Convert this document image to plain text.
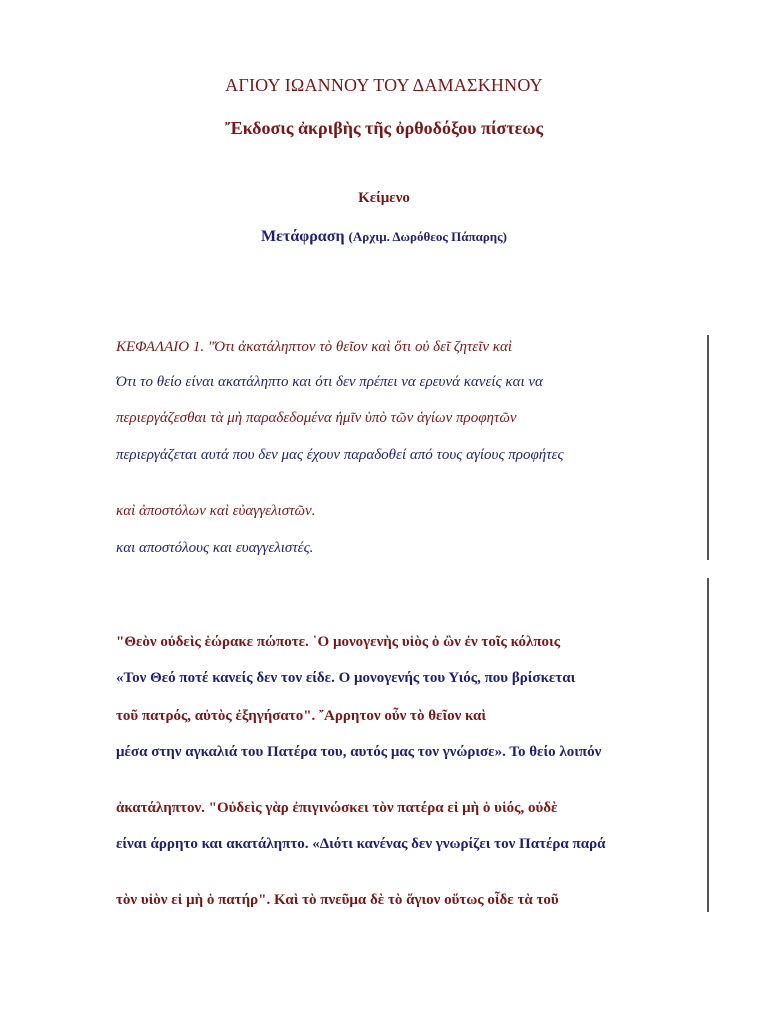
ΑΓΙΟΥ ΙΩΑΝΝΟΥ ΤΟΥ ΔΑΜΑΣΚΗΝΟΥ
Ἔκδοσις ἀκριβὴς τῆς ὀρθοδόξου πίστεως
Κείμενο
Μετάφραση (Αρχιμ. Δωρόθεος Πάπαρης)
ΚΕΦΑΛΑΙΟ 1. "Ότι ἀκατάληπτον τὸ θεῖον καὶ ὅτι οὐ δεῖ ζητεῖν καὶ
Ότι το θείο είναι ακατάληπτο και ότι δεν πρέπει να ερευνά κανείς και να
περιεργάζεσθαι τὰ μὴ παραδεδομένα ἡμῖν ὑπὸ τῶν ἁγίων προφητῶν
περιεργάζεται αυτά που δεν μας έχουν παραδοθεί από τους αγίους προφήτες
καὶ ἀποστόλων καὶ εὐαγγελιστῶν.
και αποστόλους και ευαγγελιστές.
"Θεὸν οὐδεὶς ἑώρακε πώποτε. ῾Ο μονογενὴς υἱὸς ὁ ὢν ἐν τοῖς κόλποις
«Τον Θεό ποτέ κανείς δεν τον είδε. Ο μονογενής του Υιός, που βρίσκεται
τοῦ πατρός, αὐτὸς ἐξηγήσατο". ῎Αρρητον οὖν τὸ θεῖον καὶ
μέσα στην αγκαλιά του Πατέρα του, αυτός μας τον γνώρισε». Το θείο λοιπόν
ἀκατάληπτον. "Οὐδεὶς γὰρ ἐπιγινώσκει τὸν πατέρα εἰ μὴ ὁ υἱός, οὐδὲ
είναι άρρητο και ακατάληπτο. «Διότι κανένας δεν γνωρίζει τον Πατέρα παρά
τὸν υἱὸν εἰ μὴ ὁ πατήρ". Καὶ τὸ πνεῦμα δὲ τὸ ἅγιον οὕτως οἶδε τὰ τοῦ
